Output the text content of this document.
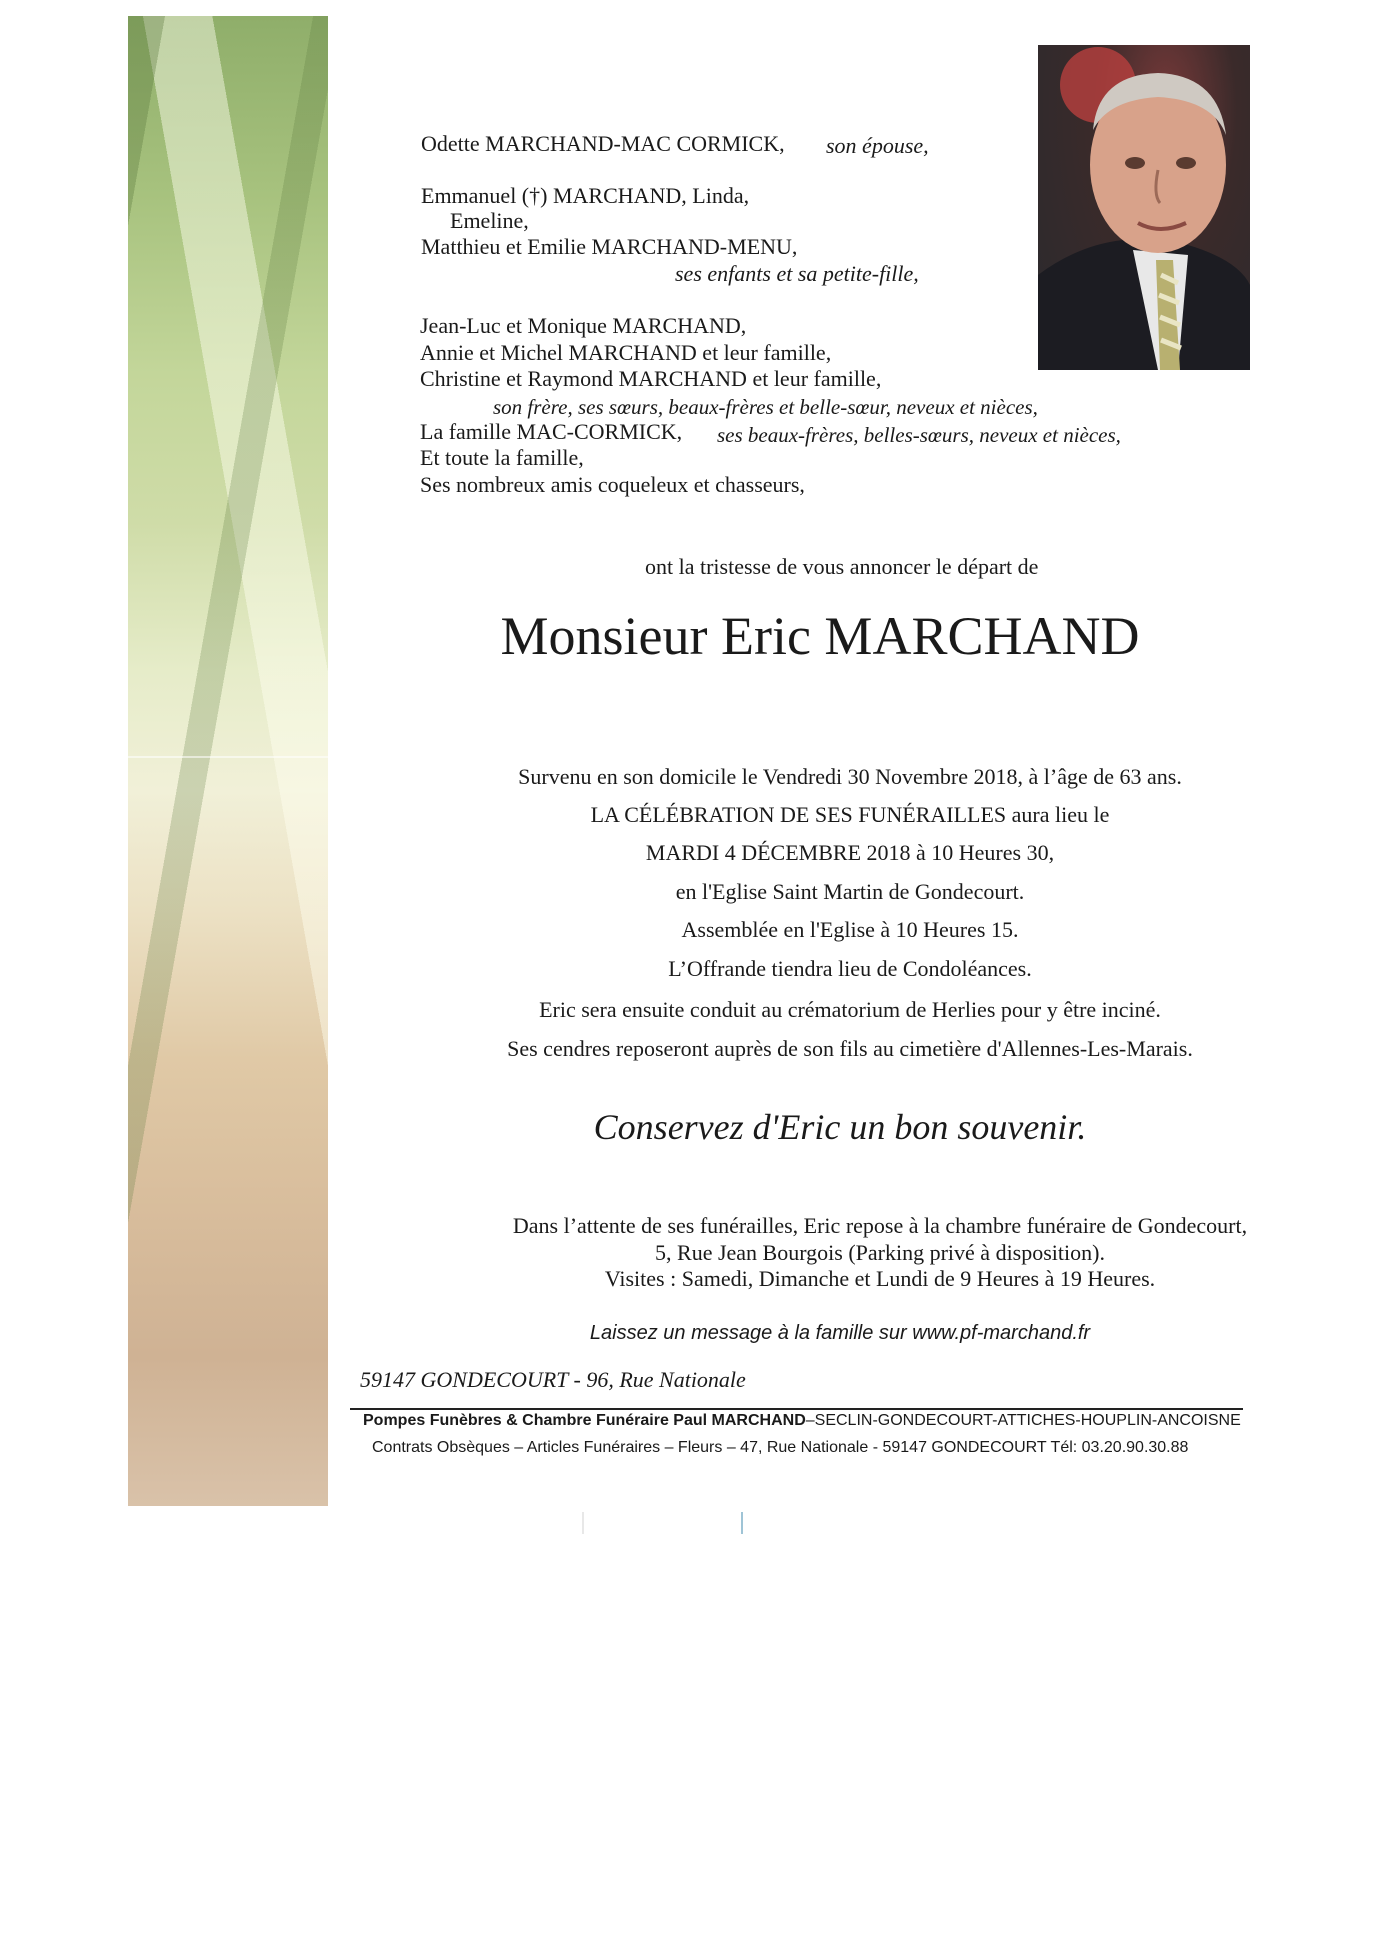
Odette MARCHAND-MAC CORMICK, son épouse,
Emmanuel (†) MARCHAND, Linda,
Emeline,
Matthieu et Emilie MARCHAND-MENU,
ses enfants et sa petite-fille,
Jean-Luc et Monique MARCHAND,
Annie et Michel MARCHAND et leur famille,
Christine et Raymond MARCHAND et leur famille,
son frère, ses sœurs, beaux-frères et belle-sœur, neveux et nièces,
La famille MAC-CORMICK, ses beaux-frères, belles-sœurs, neveux et nièces,
Et toute la famille,
Ses nombreux amis coqueleux et chasseurs,
ont la tristesse de vous annoncer le départ de
Monsieur Eric MARCHAND
Survenu en son domicile le Vendredi 30 Novembre 2018, à l’âge de 63 ans.
LA CÉLÉBRATION DE SES FUNÉRAILLES aura lieu le
MARDI 4 DÉCEMBRE 2018 à 10 Heures 30,
en l'Eglise Saint Martin de Gondecourt.
Assemblée en l'Eglise à 10 Heures 15.
L’Offrande tiendra lieu de Condoléances.
Eric sera ensuite conduit au crématorium de Herlies pour y être inciné.
Ses cendres reposeront auprès de son fils au cimetière d'Allennes-Les-Marais.
Conservez d'Eric un bon souvenir.
Dans l’attente de ses funérailles, Eric repose à la chambre funéraire de Gondecourt,
5, Rue Jean Bourgois (Parking privé à disposition).
Visites : Samedi, Dimanche et Lundi de 9 Heures à 19 Heures.
Laissez un message à la famille sur www.pf-marchand.fr
59147 GONDECOURT - 96, Rue Nationale
Pompes Funèbres & Chambre Funéraire Paul MARCHAND–SECLIN-GONDECOURT-ATTICHES-HOUPLIN-ANCOISNE
Contrats Obsèques – Articles Funéraires – Fleurs – 47, Rue Nationale - 59147 GONDECOURT Tél: 03.20.90.30.88
